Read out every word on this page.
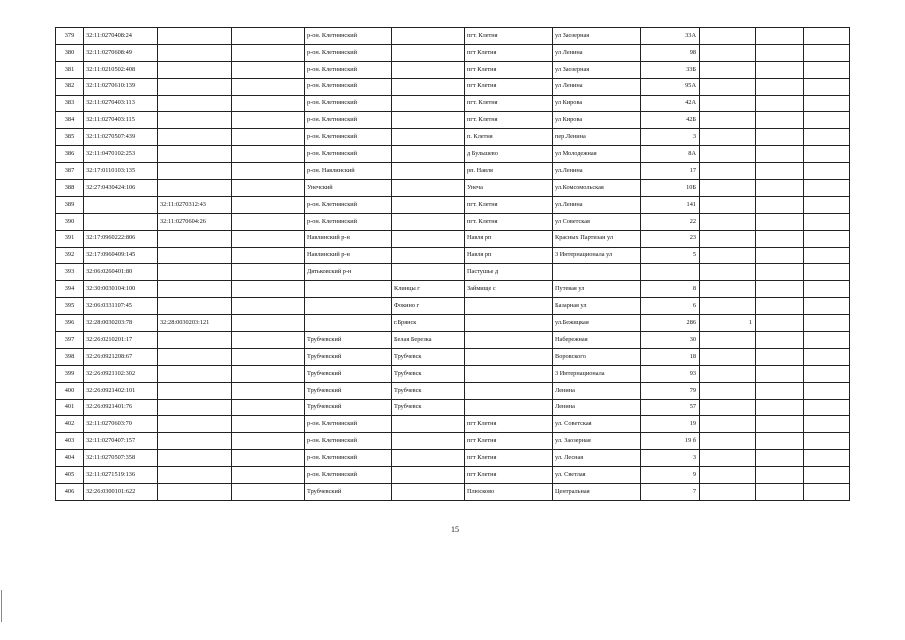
379	32:11:0270408:24			р-он. Клетнянский		пгт. Клетня	ул Заозерная	33А			
380	32:11:0270608:49			р-он. Клетнянский		пгт Клетня	ул Ленина	98			
381	32:11:0210502:408			р-он. Клетнянский		пгт Клетня	ул Заозерная	33Б			
382	32:11:0270610:139			р-он. Клетнянский		пгт Клетня	ул Ленина	95А			
383	32:11:0270403:113			р-он. Клетнянский		пгт. Клетня	ул Кирова	42А			
384	32:11:0270403:115			р-он. Клетнянский		пгт. Клетня	ул Кирова	42Б			
385	32:11:0270507:439			р-он. Клетнянский		п. Клетня	пер.Ленина	3			
386	32:11:0470102:253			р-он. Клетнянский		д Бульшево	ул Молодежная	8А			
387	32:17:0110103:135			р-он. Навлинский		рп. Навля	ул.Ленина	17			
388	32:27:0430424:106			Унечский		Унеча	ул.Комсомольская	10Б			
389		32:11:0270312:43		р-он. Клетнянский		пгт. Клетня	ул.Ленина	141			
390		32:11:0270604:26		р-он. Клетнянский		пгт. Клетня	ул Советская	22			
391	32:17:0960222:806			Навлинский р-н		Навля рп	Красных Партизан ул	23			
392	32:17:0960409:145			Навлинский р-н		Навля рп	3 Интернационала ул	5			
393	32:06:0260401:80			Дятьковский р-н		Пастушье д					
394	32:30:0030104:100				Клинцы г	Займище с	Путевая ул	8			
395	32:06:0331107:45				Фокино г		Базарная ул	6			
396	32:28:0030203:78	32:28:0030203:121			г.Брянск		ул.Бежицкая	286	1		
397	32:26:0210201:17			Трубчевский	Белая Березка		Набережная	30			
398	32:26:0921208:67			Трубчевский	Трубчевск		Воровского	18			
399	32:26:0921102:302			Трубчевский	Трубчевск		3 Интернационала	93			
400	32:26:0921402:101			Трубчевский	Трубчевск		Ленина	79			
401	32:26:0921401:76			Трубчевский	Трубчевск		Ленина	57			
402	32:11:0270603:70			р-он. Клетнянский		пгт Клетня	ул. Советская	19			
403	32:11:0270407:157			р-он. Клетнянский		пгт Клетня	ул. Заозерная	19 б			
404	32:11:0270507:358			р-он. Клетнянский		пгт Клетня	ул. Лесная	3			
405	32:11:0271519:136			р-он. Клетнянский		пгт Клетня	ул. Светлая	9			
406	32:26:0300101:622			Трубчевский		Плюсково	Центральная	7			
15
